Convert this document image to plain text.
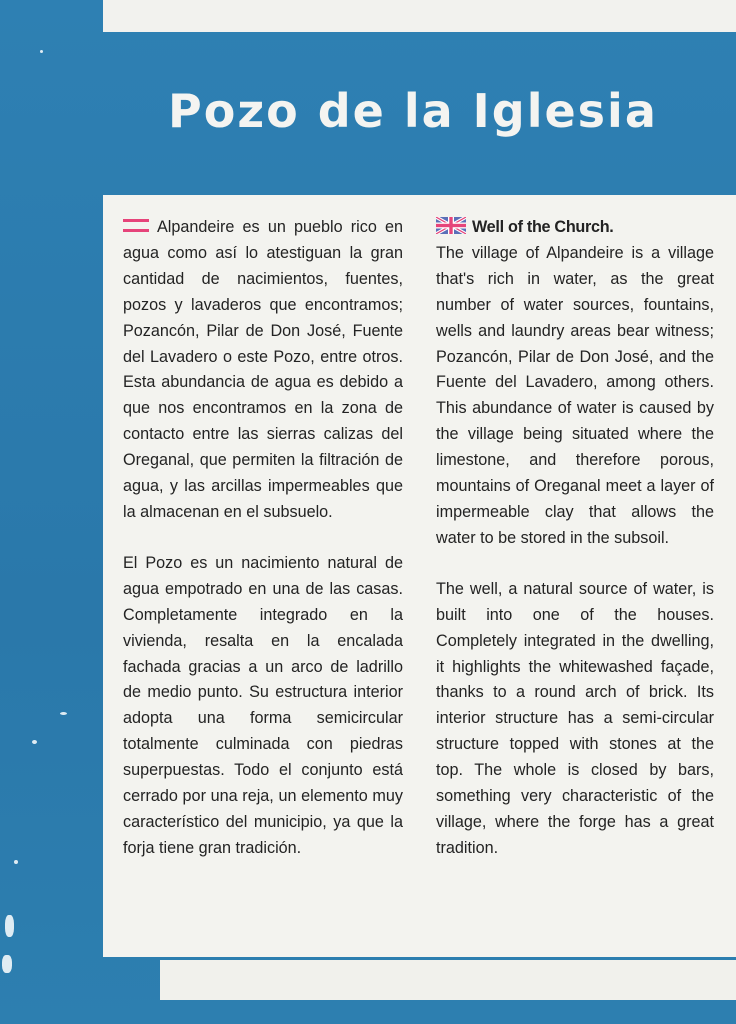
Pozo de la Iglesia

Alpandeire es un pueblo rico en agua como así lo atestiguan la gran cantidad de nacimientos, fuentes, pozos y lavaderos que encontramos; Pozancón, Pilar de Don José, Fuente del Lavadero o este Pozo, entre otros. Esta abundancia de agua es debido a que nos encontramos en la zona de contacto entre las sierras calizas del Oreganal, que permiten la filtración de agua, y las arcillas impermeables que la almacenan en el subsuelo.

El Pozo es un nacimiento natural de agua empotrado en una de las casas. Completamente integrado en la vivienda, resalta en la encalada fachada gracias a un arco de ladrillo de medio punto. Su estructura interior adopta una forma semicircular totalmente culminada con piedras superpuestas. Todo el conjunto está cerrado por una reja, un elemento muy característico del municipio, ya que la forja tiene gran tradición.

Well of the Church.
The village of Alpandeire is a village that's rich in water, as the great number of water sources, fountains, wells and laundry areas bear witness; Pozancón, Pilar de Don José, and the Fuente del Lavadero, among others. This abundance of water is caused by the village being situated where the limestone, and therefore porous, mountains of Oreganal meet a layer of impermeable clay that allows the water to be stored in the subsoil.

The well, a natural source of water, is built into one of the houses. Completely integrated in the dwelling, it highlights the whitewashed façade, thanks to a round arch of brick. Its interior structure has a semi-circular structure topped with stones at the top. The whole is closed by bars, something very characteristic of the village, where the forge has a great tradition.
